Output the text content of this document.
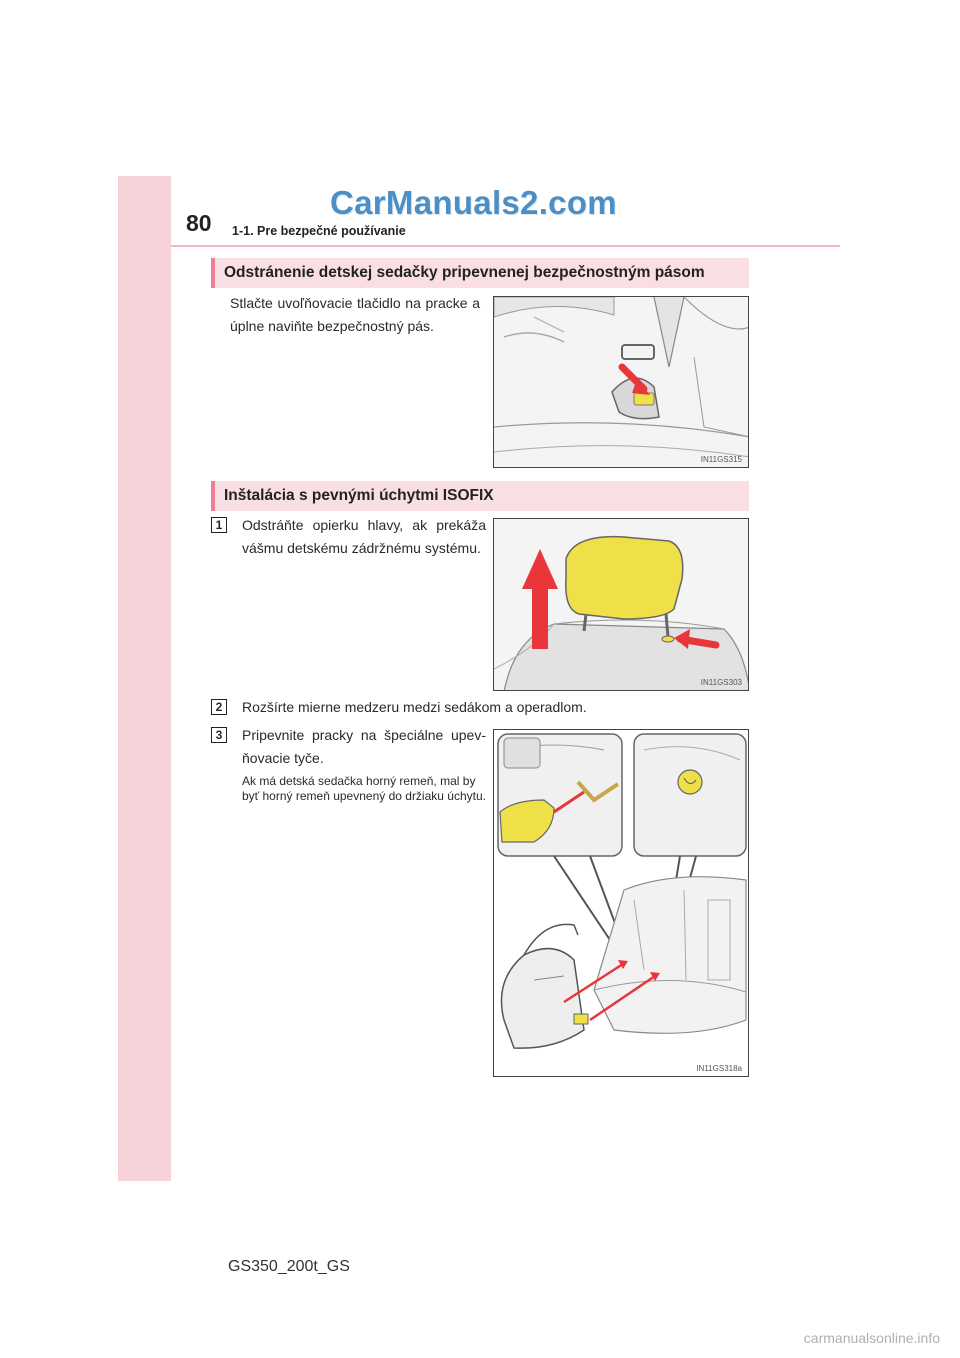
80 1-1. Pre bezpečné používanie
CarManuals2.com
Odstránenie detskej sedačky pripevnenej bezpečnostným pásom
Stlačte uvoľňovacie tlačidlo na pracke a úplne naviňte bezpečnostný pás.
IN11GS315
Inštalácia s pevnými úchytmi ISOFIX
1	Odstráňte opierku hlavy, ak prekáža vášmu detskému zádržnému systému.
IN11GS303
2	Rozšírte mierne medzeru medzi sedákom a operadlom.
3	Pripevnite pracky na špeciálne upev- ňovacie tyče.
Ak má detská sedačka horný remeň, mal by byť horný remeň upevnený do držiaku úchytu.
IN11GS318a
GS350_200t_GS
carmanualsonline.info
